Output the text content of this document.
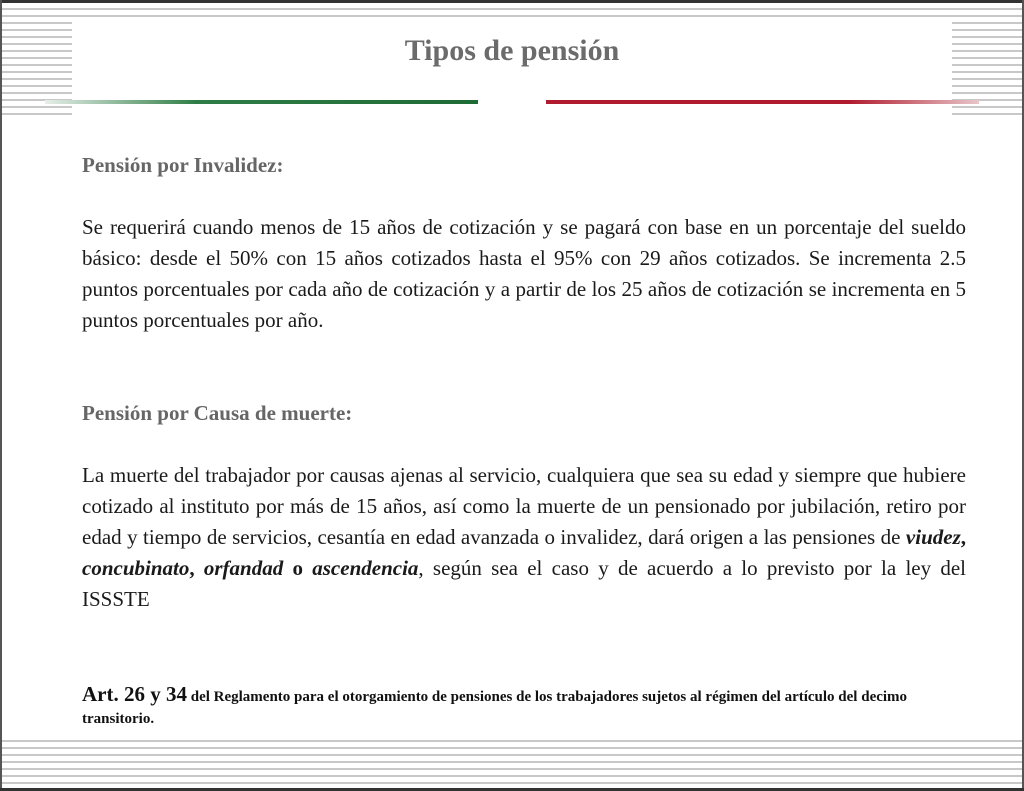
Tipos de pensión

Pensión por Invalidez:

Se requerirá cuando menos de 15 años de cotización y se pagará con base en un porcentaje del sueldo básico: desde el 50% con 15 años cotizados hasta el 95% con 29 años cotizados. Se incrementa 2.5 puntos porcentuales por cada año de cotización y a partir de los 25 años de cotización se incrementa en 5 puntos porcentuales por año.

Pensión por Causa de muerte:

La muerte del trabajador por causas ajenas al servicio, cualquiera que sea su edad y siempre que hubiere cotizado al instituto por más de 15 años, así como la muerte de un pensionado por jubilación, retiro por edad y tiempo de servicios, cesantía en edad avanzada o invalidez, dará origen a las pensiones de viudez, concubinato, orfandad o ascendencia, según sea el caso y de acuerdo a lo previsto por la ley del ISSSTE

Art. 26 y 34 del Reglamento para el otorgamiento de pensiones de los trabajadores sujetos al régimen del artículo del decimo transitorio.
